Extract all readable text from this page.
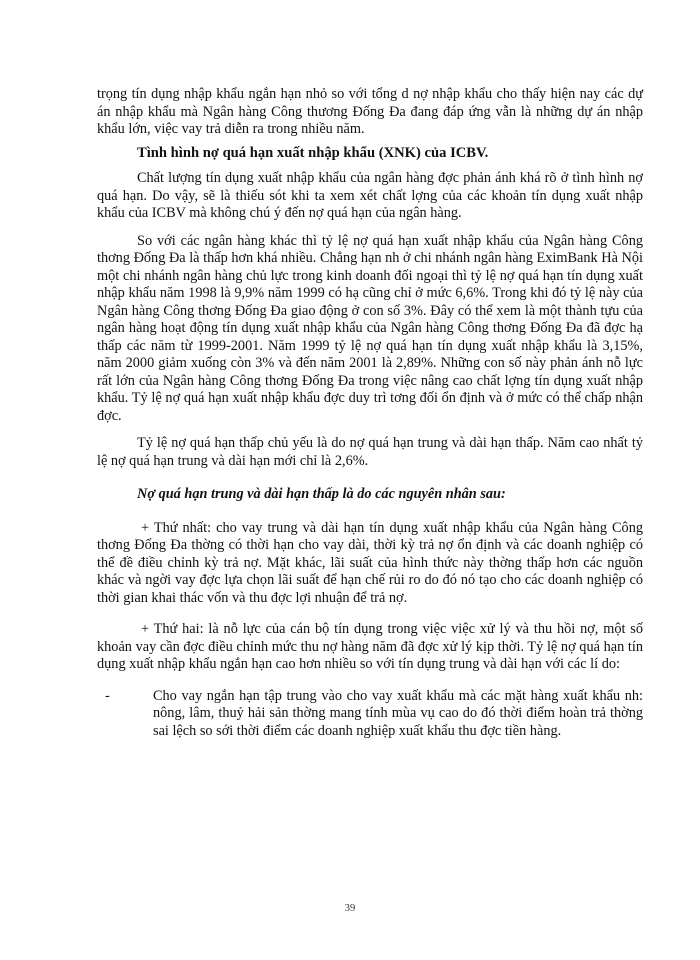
trọng tín dụng nhập khẩu ngắn hạn nhỏ so với tổng d nợ nhập khẩu cho thấy hiện nay các dự án nhập khẩu mà Ngân hàng Công thương Đống Đa đang đáp ứng vẫn là những dự án nhập khẩu lớn, việc vay trả diễn ra trong nhiều năm.

Tình hình nợ quá hạn xuất nhập khẩu (XNK) của ICBV.

Chất lượng tín dụng xuất nhập khẩu của ngân hàng đợc phản ánh khá rõ ở tình hình nợ quá hạn. Do vậy, sẽ là thiếu sót khi ta xem xét chất lợng của các khoản tín dụng xuất nhập khẩu của ICBV mà không chú ý đến nợ quá hạn của ngân hàng.

So với các ngân hàng khác thì tỷ lệ nợ quá hạn xuất nhập khẩu của Ngân hàng Công thơng Đống Đa là thấp hơn khá nhiều. Chẳng hạn nh ở chi nhánh ngân hàng EximBank Hà Nội một chi nhánh ngân hàng chủ lực trong kinh doanh đối ngoại thì tỷ lệ nợ quá hạn tín dụng xuất nhập khẩu năm 1998 là 9,9% năm 1999 có hạ cũng chỉ ở mức 6,6%. Trong khi đó tỷ lệ này của Ngân hàng Công thơng Đống Đa giao động ở con số 3%. Đây có thể xem là một thành tựu của ngân hàng hoạt động tín dụng xuất nhập khẩu của Ngân hàng Công thơng Đống Đa đã đợc hạ thấp các năm từ 1999-2001. Năm 1999 tỷ lệ nợ quá hạn tín dụng xuất nhập khẩu là 3,15%, năm 2000 giảm xuống còn 3% và đến năm 2001 là 2,89%. Những con số này phản ánh nỗ lực rất lớn của Ngân hàng Công thơng Đống Đa trong việc nâng cao chất lợng tín dụng xuất nhập khẩu. Tỷ lệ nợ quá hạn xuất nhập khẩu đợc duy trì tơng đối ổn định và ở mức có thể chấp nhận đợc.

Tỷ lệ nợ quá hạn thấp chủ yếu là do nợ quá hạn trung và dài hạn thấp. Năm cao nhất tỷ lệ nợ quá hạn trung và dài hạn mới chỉ là 2,6%.

Nợ quá hạn trung và dài hạn thấp là do các nguyên nhân sau:

+ Thứ nhất: cho vay trung và dài hạn tín dụng xuất nhập khẩu của Ngân hàng Công thơng Đống Đa thờng có thời hạn cho vay dài, thời kỳ trả nợ ổn định và các doanh nghiệp có thể đề điều chỉnh kỳ trả nợ. Mặt khác, lãi suất của hình thức này thờng thấp hơn các nguồn khác và ngời vay đợc lựa chọn lãi suất để hạn chế rủi ro do đó nó tạo cho các doanh nghiệp có thời gian khai thác vốn và thu đợc lợi nhuận để trả nợ.

+ Thứ hai: là nỗ lực của cán bộ tín dụng trong việc việc xử lý và thu hồi nợ, một số khoản vay cần đợc điều chỉnh mức thu nợ hàng năm đã đợc xử lý kịp thời. Tỷ lệ nợ quá hạn tín dụng xuất nhập khẩu ngắn hạn cao hơn nhiều so với tín dụng trung và dài hạn với các lí do:

-	Cho vay ngắn hạn tập trung vào cho vay xuất khẩu mà các mặt hàng xuất khẩu nh: nông, lâm, thuỷ hải sản thờng mang tính mùa vụ cao do đó thời điểm hoàn trả thờng sai lệch so sới thời điểm các doanh nghiệp xuất khẩu thu đợc tiền hàng.

39
